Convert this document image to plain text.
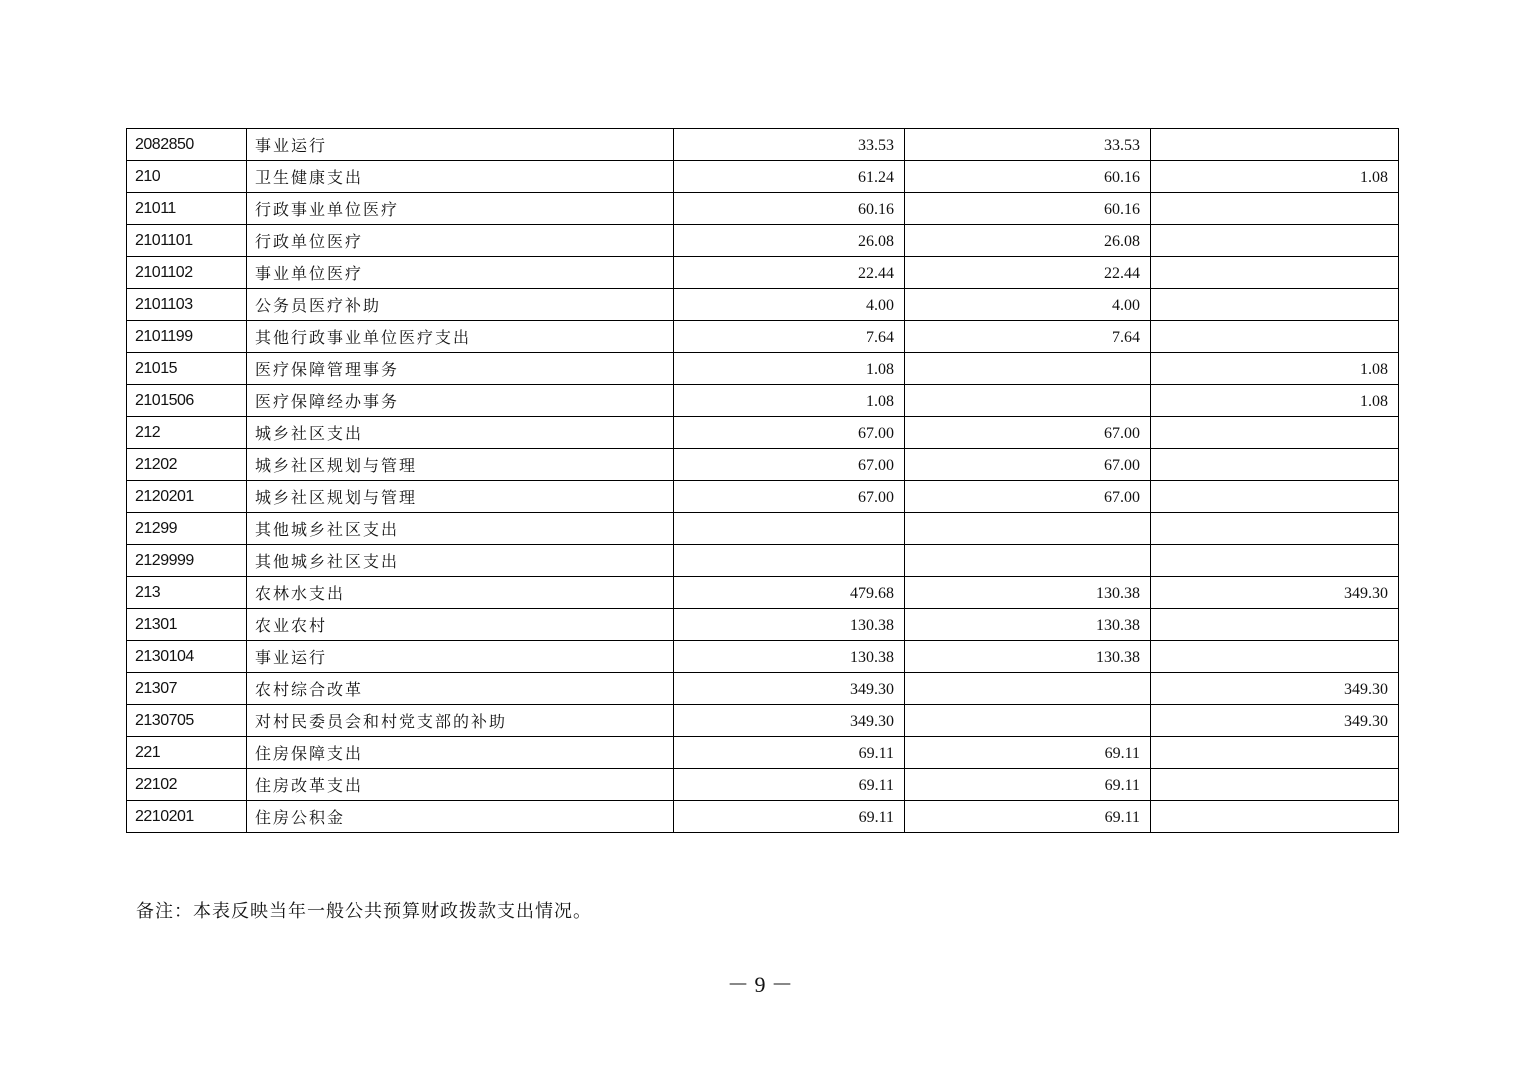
2082850	事业运行	33.53	33.53	
210	卫生健康支出	61.24	60.16	1.08
21011	行政事业单位医疗	60.16	60.16	
2101101	行政单位医疗	26.08	26.08	
2101102	事业单位医疗	22.44	22.44	
2101103	公务员医疗补助	4.00	4.00	
2101199	其他行政事业单位医疗支出	7.64	7.64	
21015	医疗保障管理事务	1.08		1.08
2101506	医疗保障经办事务	1.08		1.08
212	城乡社区支出	67.00	67.00	
21202	城乡社区规划与管理	67.00	67.00	
2120201	城乡社区规划与管理	67.00	67.00	
21299	其他城乡社区支出			
2129999	其他城乡社区支出			
213	农林水支出	479.68	130.38	349.30
21301	农业农村	130.38	130.38	
2130104	事业运行	130.38	130.38	
21307	农村综合改革	349.30		349.30
2130705	对村民委员会和村党支部的补助	349.30		349.30
221	住房保障支出	69.11	69.11	
22102	住房改革支出	69.11	69.11	
2210201	住房公积金	69.11	69.11	
备注：本表反映当年一般公共预算财政拨款支出情况。
－ 9 －
